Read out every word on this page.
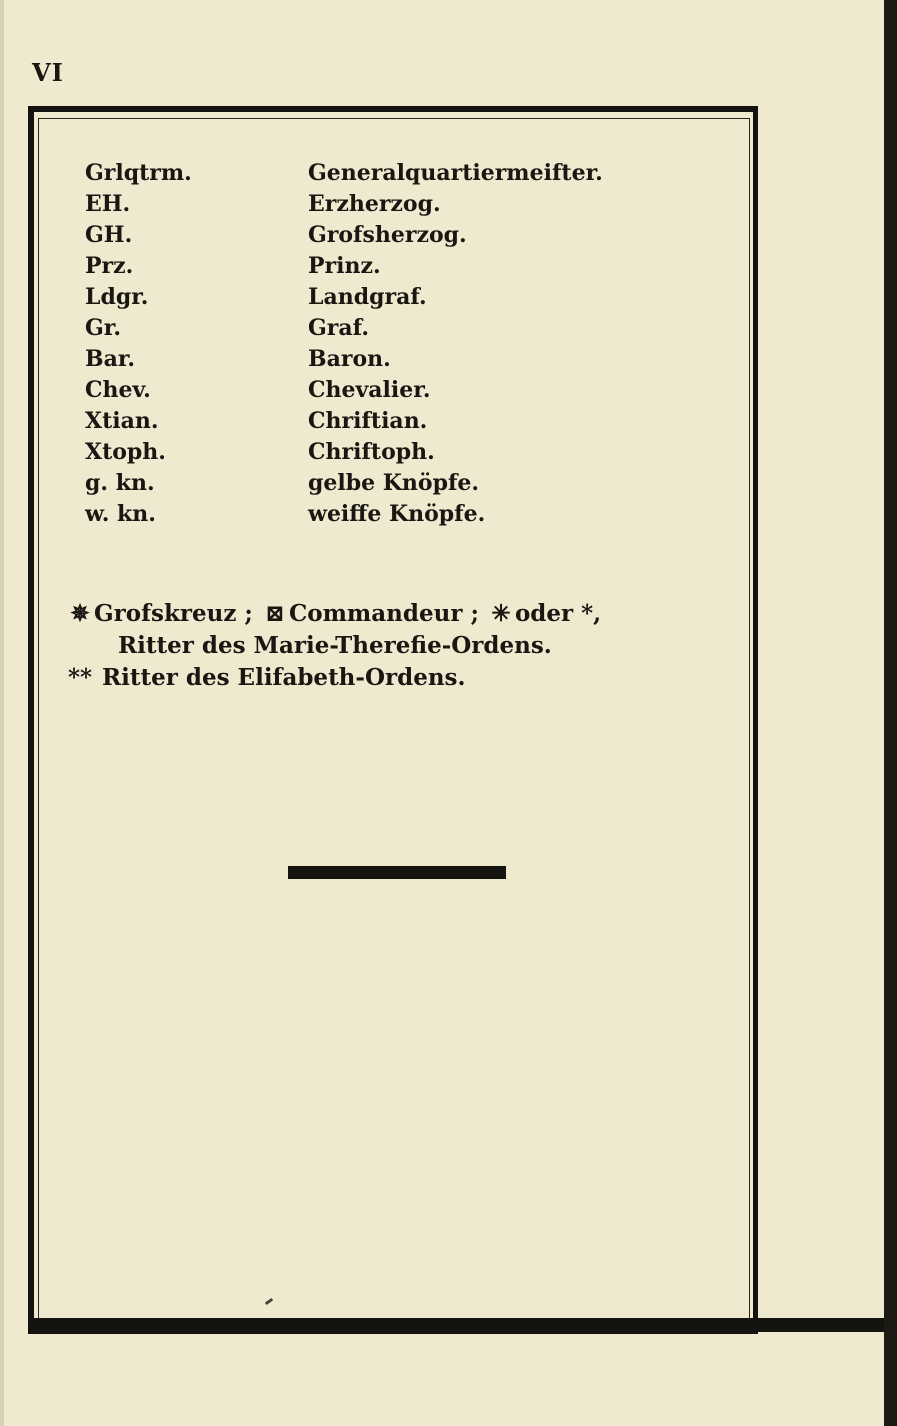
VI
Grlqtrm.	Generalquartiermeifter.
EH.	Erzherzog.
GH.	Grofsherzog.
Prz.	Prinz.
Ldgr.	Landgraf.
Gr.	Graf.
Bar.	Baron.
Chev.	Chevalier.
Xtian.	Chriftian.
Xtoph.	Chriftoph.
g. kn.	gelbe Knöpfe.
w. kn.	weiffe Knöpfe.
✵ Grofskreuz ; ⊠ Commandeur ; ✳ oder *,
Ritter des Marie-Therefie-Ordens.
** Ritter des Elifabeth-Ordens.
